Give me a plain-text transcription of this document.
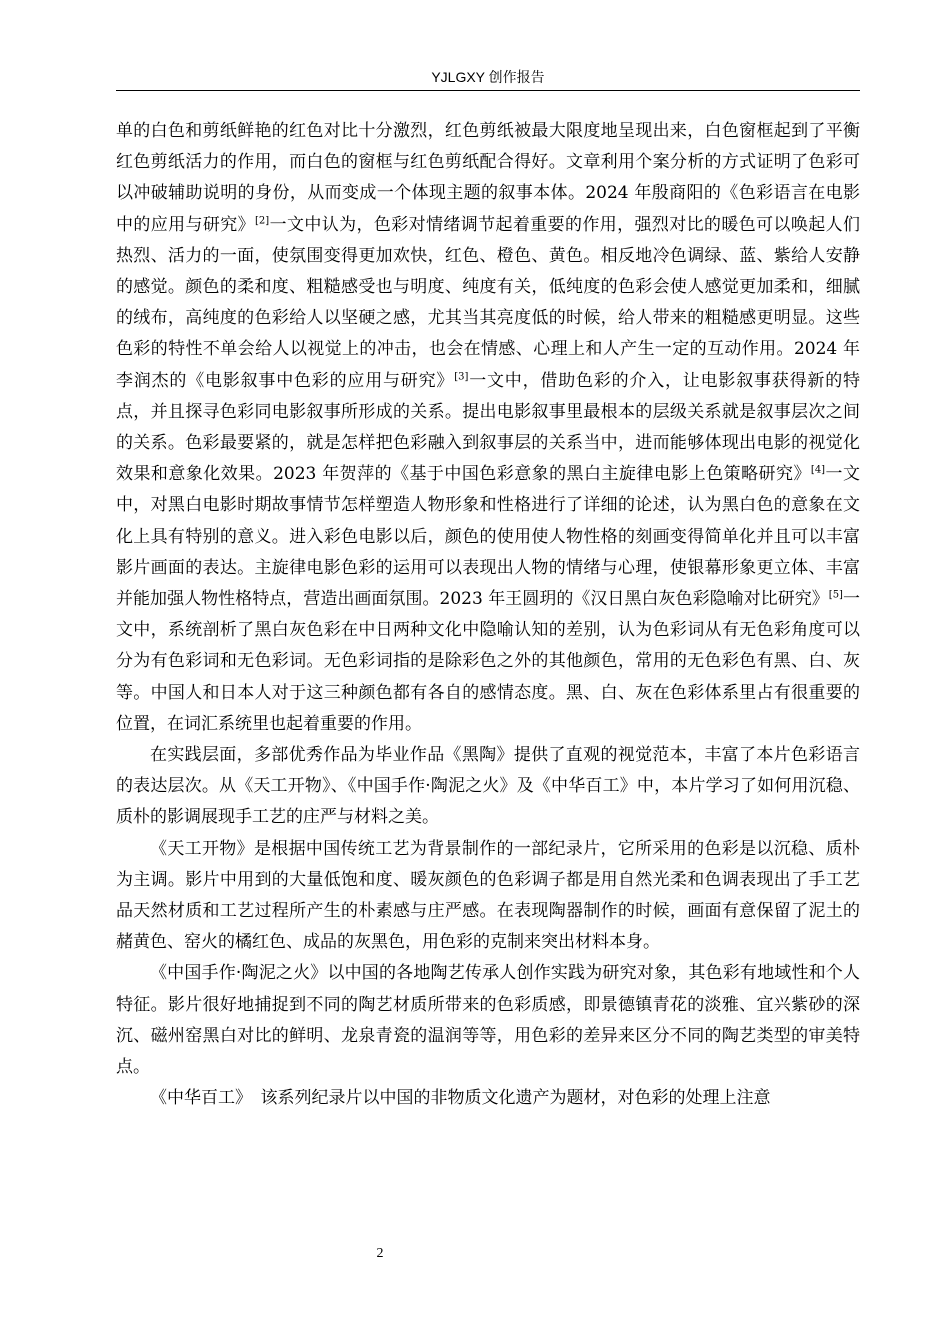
YJLGXY 创作报告

单的白色和剪纸鲜艳的红色对比十分激烈，红色剪纸被最大限度地呈现出来，白色窗框起到了平衡红色剪纸活力的作用，而白色的窗框与红色剪纸配合得好。文章利用个案分析的方式证明了色彩可以冲破辅助说明的身份，从而变成一个体现主题的叙事本体。2024 年殷商阳的《色彩语言在电影中的应用与研究》[2]一文中认为，色彩对情绪调节起着重要的作用，强烈对比的暖色可以唤起人们热烈、活力的一面，使氛围变得更加欢快，红色、橙色、黄色。相反地冷色调绿、蓝、紫给人安静的感觉。颜色的柔和度、粗糙感受也与明度、纯度有关，低纯度的色彩会使人感觉更加柔和，细腻的绒布，高纯度的色彩给人以坚硬之感，尤其当其亮度低的时候，给人带来的粗糙感更明显。这些色彩的特性不单会给人以视觉上的冲击，也会在情感、心理上和人产生一定的互动作用。2024 年李润杰的《电影叙事中色彩的应用与研究》[3]一文中，借助色彩的介入，让电影叙事获得新的特点，并且探寻色彩同电影叙事所形成的关系。提出电影叙事里最根本的层级关系就是叙事层次之间的关系。色彩最要紧的，就是怎样把色彩融入到叙事层的关系当中，进而能够体现出电影的视觉化效果和意象化效果。2023 年贺萍的《基于中国色彩意象的黑白主旋律电影上色策略研究》[4]一文中，对黑白电影时期故事情节怎样塑造人物形象和性格进行了详细的论述，认为黑白色的意象在文化上具有特别的意义。进入彩色电影以后，颜色的使用使人物性格的刻画变得简单化并且可以丰富影片画面的表达。主旋律电影色彩的运用可以表现出人物的情绪与心理，使银幕形象更立体、丰富并能加强人物性格特点，营造出画面氛围。2023 年王圆玥的《汉日黑白灰色彩隐喻对比研究》[5]一文中，系统剖析了黑白灰色彩在中日两种文化中隐喻认知的差别，认为色彩词从有无色彩角度可以分为有色彩词和无色彩词。无色彩词指的是除彩色之外的其他颜色，常用的无色彩色有黑、白、灰等。中国人和日本人对于这三种颜色都有各自的感情态度。黑、白、灰在色彩体系里占有很重要的位置，在词汇系统里也起着重要的作用。

在实践层面，多部优秀作品为毕业作品《黑陶》提供了直观的视觉范本，丰富了本片色彩语言的表达层次。从《天工开物》、《中国手作·陶泥之火》及《中华百工》中，本片学习了如何用沉稳、质朴的影调展现手工艺的庄严与材料之美。

《天工开物》是根据中国传统工艺为背景制作的一部纪录片，它所采用的色彩是以沉稳、质朴为主调。影片中用到的大量低饱和度、暖灰颜色的色彩调子都是用自然光柔和色调表现出了手工艺品天然材质和工艺过程所产生的朴素感与庄严感。在表现陶器制作的时候，画面有意保留了泥土的赭黄色、窑火的橘红色、成品的灰黑色，用色彩的克制来突出材料本身。

《中国手作·陶泥之火》以中国的各地陶艺传承人创作实践为研究对象，其色彩有地域性和个人特征。影片很好地捕捉到不同的陶艺材质所带来的色彩质感，即景德镇青花的淡雅、宜兴紫砂的深沉、磁州窑黑白对比的鲜明、龙泉青瓷的温润等等，用色彩的差异来区分不同的陶艺类型的审美特点。

《中华百工》　该系列纪录片以中国的非物质文化遗产为题材，对色彩的处理上注意

2
